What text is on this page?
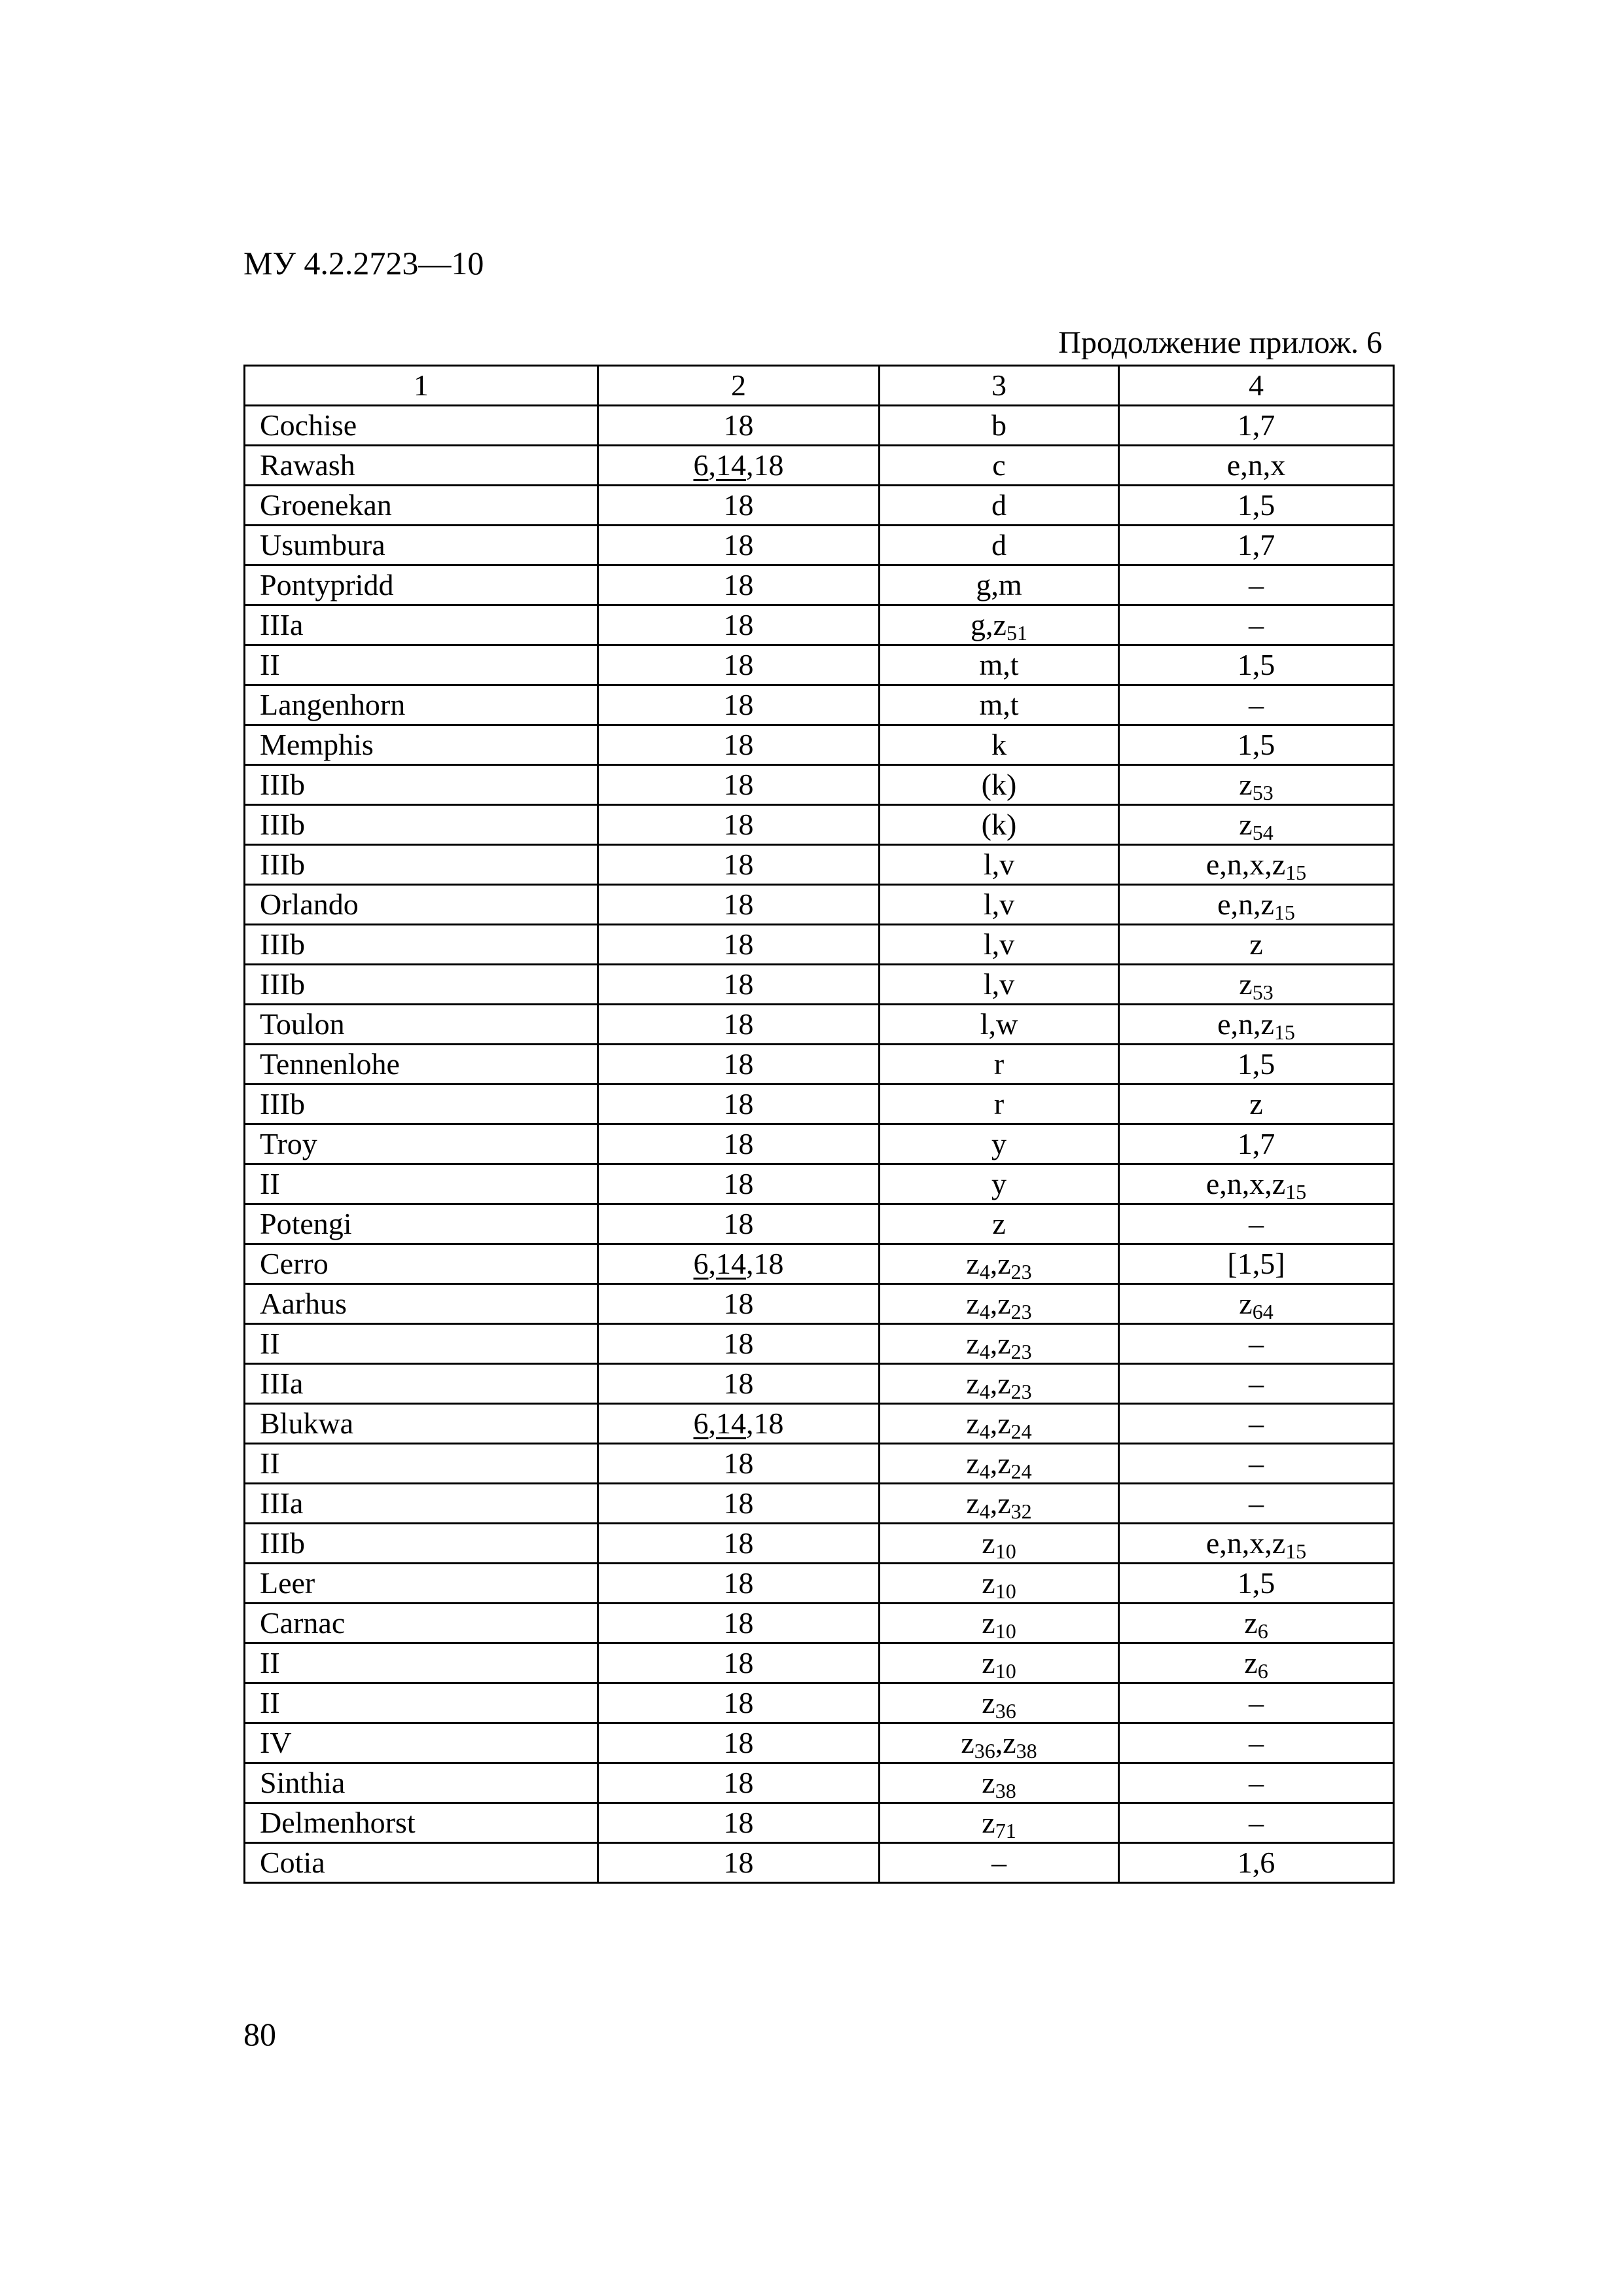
МУ 4.2.2723—10
Продолжение прилож. 6
1	2	3	4
Cochise	18	b	1,7
Rawash	6,14,18	c	e,n,x
Groenekan	18	d	1,5
Usumbura	18	d	1,7
Pontypridd	18	g,m	–
IIIa	18	$g,z_{51}$	–
II	18	m,t	1,5
Langenhorn	18	m,t	–
Memphis	18	k	1,5
IIIb	18	(k)	$z_{53}$
IIIb	18	(k)	$z_{54}$
IIIb	18	l,v	$e,n,x,z_{15}$
Orlando	18	l,v	$e,n,z_{15}$
IIIb	18	l,v	z
IIIb	18	l,v	$z_{53}$
Toulon	18	l,w	$e,n,z_{15}$
Tennenlohe	18	r	1,5
IIIb	18	r	z
Troy	18	y	1,7
II	18	y	$e,n,x,z_{15}$
Potengi	18	z	–
Cerro	6,14,18	$z_4,z_{23}$	[1,5]
Aarhus	18	$z_4,z_{23}$	$z_{64}$
II	18	$z_4,z_{23}$	–
IIIa	18	$z_4,z_{23}$	–
Blukwa	6,14,18	$z_4,z_{24}$	–
II	18	$z_4,z_{24}$	–
IIIa	18	$z_4,z_{32}$	–
IIIb	18	$z_{10}$	$e,n,x,z_{15}$
Leer	18	$z_{10}$	1,5
Carnac	18	$z_{10}$	$z_6$
II	18	$z_{10}$	$z_6$
II	18	$z_{36}$	–
IV	18	$z_{36},z_{38}$	–
Sinthia	18	$z_{38}$	–
Delmenhorst	18	$z_{71}$	–
Cotia	18	–	1,6
80
